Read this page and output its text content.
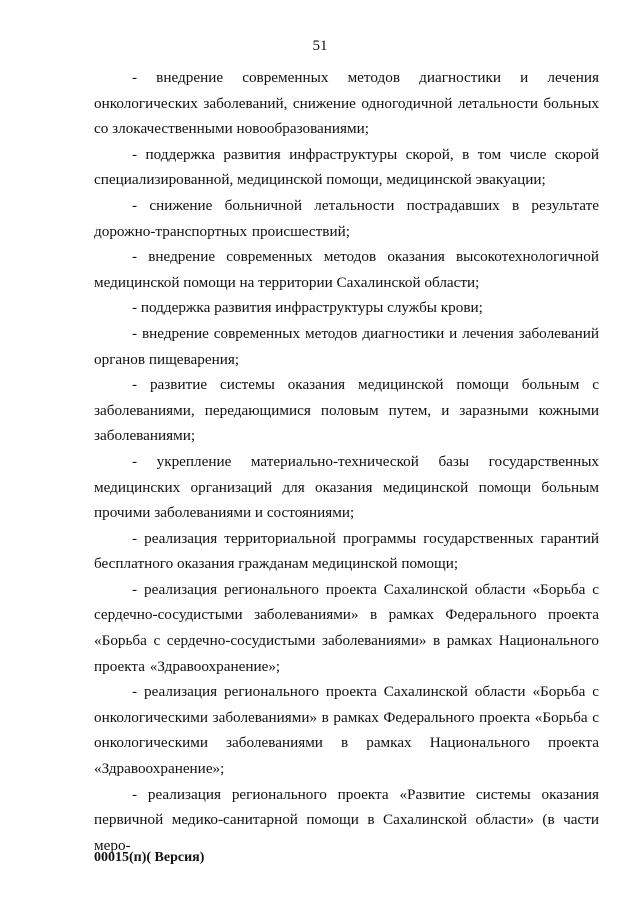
51

- внедрение современных методов диагностики и лечения онкологических заболеваний, снижение одногодичной летальности больных со злокачественными новообразованиями;

- поддержка развития инфраструктуры скорой, в том числе скорой специализированной, медицинской помощи, медицинской эвакуации;

- снижение больничной летальности пострадавших в результате дорожно-транспортных происшествий;

- внедрение современных методов оказания высокотехнологичной медицинской помощи на территории Сахалинской области;

- поддержка развития инфраструктуры службы крови;

- внедрение современных методов диагностики и лечения заболеваний органов пищеварения;

- развитие системы оказания медицинской помощи больным с заболеваниями, передающимися половым путем, и заразными кожными заболеваниями;

- укрепление материально-технической базы государственных медицинских организаций для оказания медицинской помощи больным прочими заболеваниями и состояниями;

- реализация территориальной программы государственных гарантий бесплатного оказания гражданам медицинской помощи;

- реализация регионального проекта Сахалинской области «Борьба с сердечно-сосудистыми заболеваниями» в рамках Федерального проекта «Борьба с сердечно-сосудистыми заболеваниями» в рамках Национального проекта «Здравоохранение»;

- реализация регионального проекта Сахалинской области «Борьба с онкологическими заболеваниями» в рамках Федерального проекта «Борьба с онкологическими заболеваниями в рамках Национального проекта «Здравоохранение»;

- реализация регионального проекта «Развитие системы оказания первичной медико-санитарной помощи в Сахалинской области» (в части меро-

00015(п)( Версия)
